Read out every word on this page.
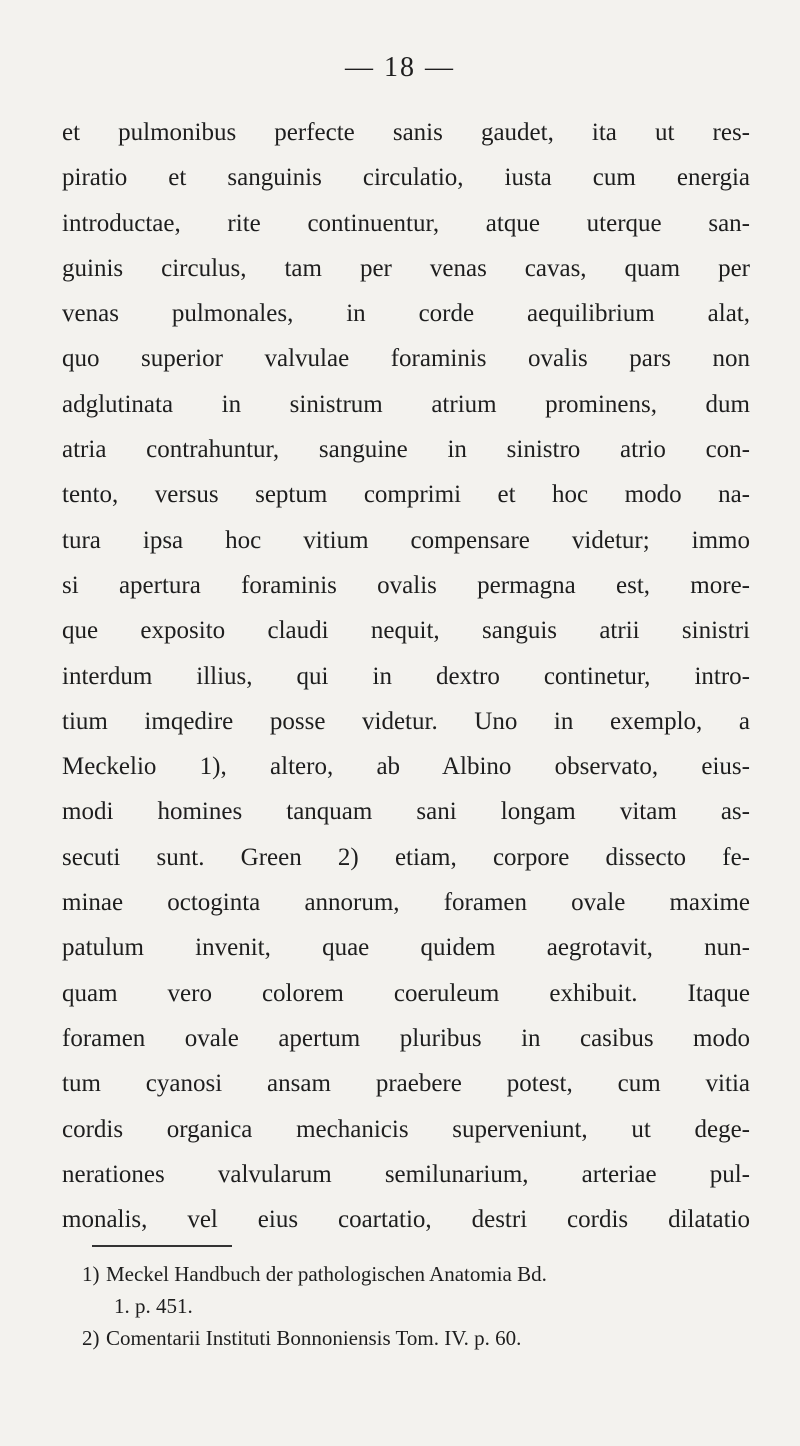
— 18 —
et pulmonibus perfecte sanis gaudet, ita ut res-
piratio et sanguinis circulatio, iusta cum energia
introductae, rite continuentur, atque uterque san-
guinis circulus, tam per venas cavas, quam per
venas pulmonales, in corde aequilibrium alat,
quo superior valvulae foraminis ovalis pars non
adglutinata in sinistrum atrium prominens, dum
atria contrahuntur, sanguine in sinistro atrio con-
tento, versus septum comprimi et hoc modo na-
tura ipsa hoc vitium compensare videtur; immo
si apertura foraminis ovalis permagna est, more-
que exposito claudi nequit, sanguis atrii sinistri
interdum illius, qui in dextro continetur, intro-
tium imqedire posse videtur. Uno in exemplo, a
Meckelio 1), altero, ab Albino observato, eius-
modi homines tanquam sani longam vitam as-
secuti sunt. Green 2) etiam, corpore dissecto fe-
minae octoginta annorum, foramen ovale maxime
patulum invenit, quae quidem aegrotavit, nun-
quam vero colorem coeruleum exhibuit. Itaque
foramen ovale apertum pluribus in casibus modo
tum cyanosi ansam praebere potest, cum vitia
cordis organica mechanicis superveniunt, ut dege-
nerationes valvularum semilunarium, arteriae pul-
monalis, vel eius coartatio, destri cordis dilatatio
1) Meckel Handbuch der pathologischen Anatomia Bd.
1. p. 451.
2) Comentarii Instituti Bonnoniensis Tom. IV. p. 60.
